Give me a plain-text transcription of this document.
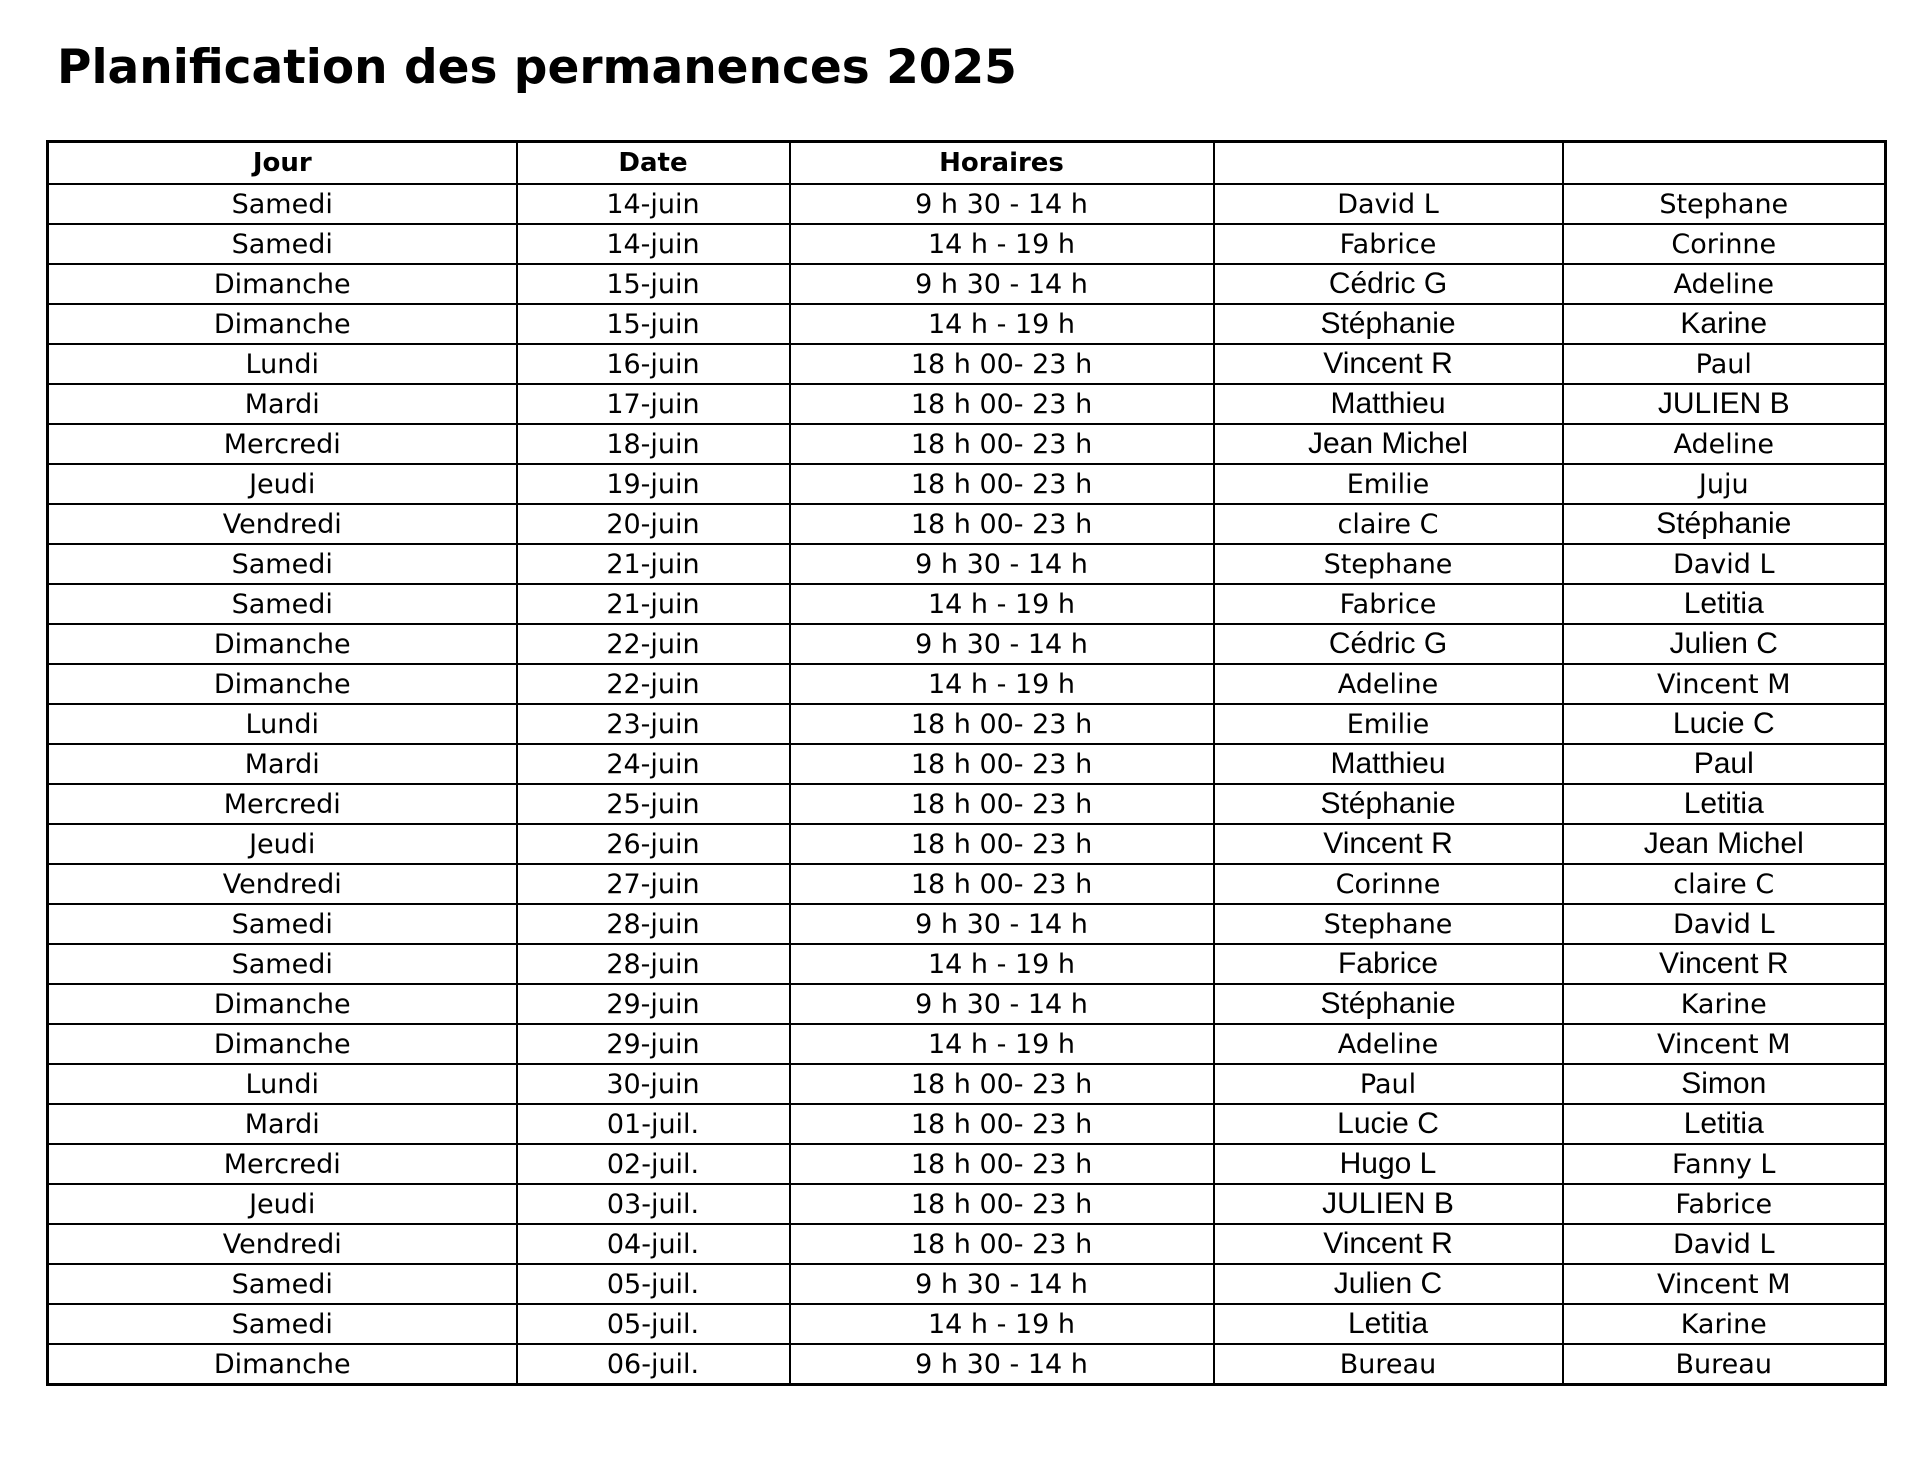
Planification des permanences 2025
Jour	Date	Horaires		
Samedi	14-juin	9 h 30 - 14 h	David L	Stephane
Samedi	14-juin	14 h - 19 h	Fabrice	Corinne
Dimanche	15-juin	9 h 30 - 14 h	Cédric G	Adeline
Dimanche	15-juin	14 h - 19 h	Stéphanie	Karine
Lundi	16-juin	18 h 00- 23 h	Vincent R	Paul
Mardi	17-juin	18 h 00- 23 h	Matthieu	JULIEN B
Mercredi	18-juin	18 h 00- 23 h	Jean Michel	Adeline
Jeudi	19-juin	18 h 00- 23 h	Emilie	Juju
Vendredi	20-juin	18 h 00- 23 h	claire C	Stéphanie
Samedi	21-juin	9 h 30 - 14 h	Stephane	David L
Samedi	21-juin	14 h - 19 h	Fabrice	Letitia
Dimanche	22-juin	9 h 30 - 14 h	Cédric G	Julien C
Dimanche	22-juin	14 h - 19 h	Adeline	Vincent M
Lundi	23-juin	18 h 00- 23 h	Emilie	Lucie C
Mardi	24-juin	18 h 00- 23 h	Matthieu	Paul
Mercredi	25-juin	18 h 00- 23 h	Stéphanie	Letitia
Jeudi	26-juin	18 h 00- 23 h	Vincent R	Jean Michel
Vendredi	27-juin	18 h 00- 23 h	Corinne	claire C
Samedi	28-juin	9 h 30 - 14 h	Stephane	David L
Samedi	28-juin	14 h - 19 h	Fabrice	Vincent R
Dimanche	29-juin	9 h 30 - 14 h	Stéphanie	Karine
Dimanche	29-juin	14 h - 19 h	Adeline	Vincent M
Lundi	30-juin	18 h 00- 23 h	Paul	Simon
Mardi	01-juil.	18 h 00- 23 h	Lucie C	Letitia
Mercredi	02-juil.	18 h 00- 23 h	Hugo L	Fanny L
Jeudi	03-juil.	18 h 00- 23 h	JULIEN B	Fabrice
Vendredi	04-juil.	18 h 00- 23 h	Vincent R	David L
Samedi	05-juil.	9 h 30 - 14 h	Julien C	Vincent M
Samedi	05-juil.	14 h - 19 h	Letitia	Karine
Dimanche	06-juil.	9 h 30 - 14 h	Bureau	Bureau
